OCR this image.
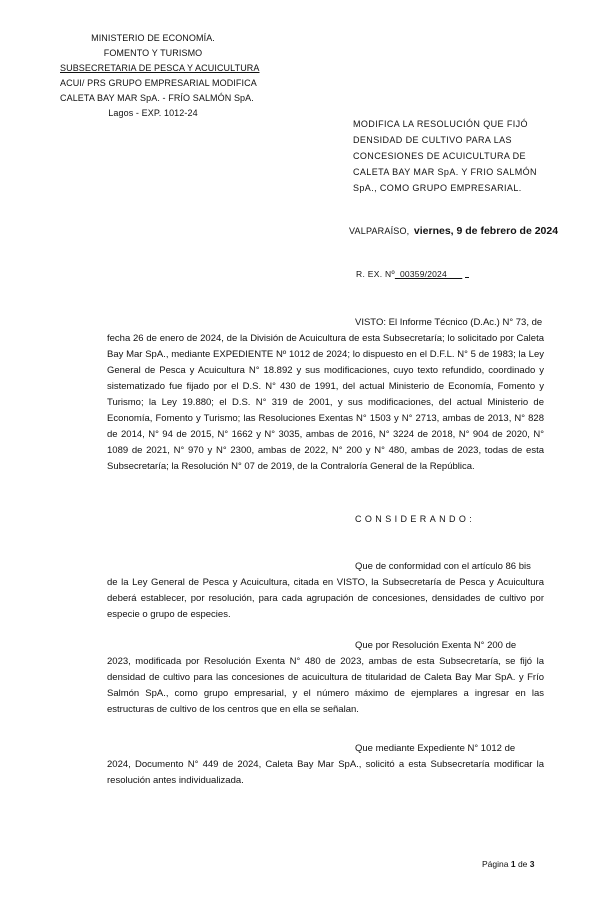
MINISTERIO DE ECONOMÍA.
FOMENTO Y TURISMO
SUBSECRETARIA DE PESCA Y ACUICULTURA
ACUI/ PRS GRUPO EMPRESARIAL MODIFICA
CALETA BAY MAR SpA. - FRÍO SALMÓN SpA.
Lagos - EXP. 1012-24
MODIFICA LA RESOLUCIÓN QUE FIJÓ
DENSIDAD DE CULTIVO PARA LAS
CONCESIONES DE ACUICULTURA DE
CALETA BAY MAR SpA. Y FRIO SALMÓN
SpA., COMO GRUPO EMPRESARIAL.
VALPARAÍSO, viernes, 9 de febrero de 2024
R. EX. Nº  00359/2024
VISTO: El Informe Técnico (D.Ac.) N° 73, de
fecha 26 de enero de 2024, de la División de Acuicultura de esta Subsecretaría; lo solicitado por Caleta Bay Mar SpA., mediante EXPEDIENTE Nº 1012 de 2024; lo dispuesto en el D.F.L. N° 5 de 1983; la Ley General de Pesca y Acuicultura N° 18.892 y sus modificaciones, cuyo texto refundido, coordinado y sistematizado fue fijado por el D.S. N° 430 de 1991, del actual Ministerio de Economía, Fomento y Turismo; la Ley 19.880; el D.S. N° 319 de 2001, y sus modificaciones, del actual Ministerio de Economía, Fomento y Turismo; las Resoluciones Exentas N° 1503 y N° 2713, ambas de 2013, N° 828 de 2014, N° 94 de 2015, N° 1662 y N° 3035, ambas de 2016, N° 3224 de 2018, N° 904 de 2020, N° 1089 de 2021, N° 970 y N° 2300, ambas de 2022, N° 200 y N° 480, ambas de 2023, todas de esta Subsecretaría; la Resolución N° 07 de 2019, de la Contraloría General de la República.
CONSIDERANDO:
Que de conformidad con el artículo 86 bis
de la Ley General de Pesca y Acuicultura, citada en VISTO, la Subsecretaría de Pesca y Acuicultura deberá establecer, por resolución, para cada agrupación de concesiones, densidades de cultivo por especie o grupo de especies.
Que por Resolución Exenta N° 200 de
2023, modificada por Resolución Exenta N° 480 de 2023, ambas de esta Subsecretaría, se fijó la densidad de cultivo para las concesiones de acuicultura de titularidad de Caleta Bay Mar SpA. y Frío Salmón SpA., como grupo empresarial, y el número máximo de ejemplares a ingresar en las estructuras de cultivo de los centros que en ella se señalan.
Que mediante Expediente N° 1012 de
2024, Documento N° 449 de 2024, Caleta Bay Mar SpA., solicitó a esta Subsecretaría modificar la resolución antes individualizada.
Página 1 de 3
